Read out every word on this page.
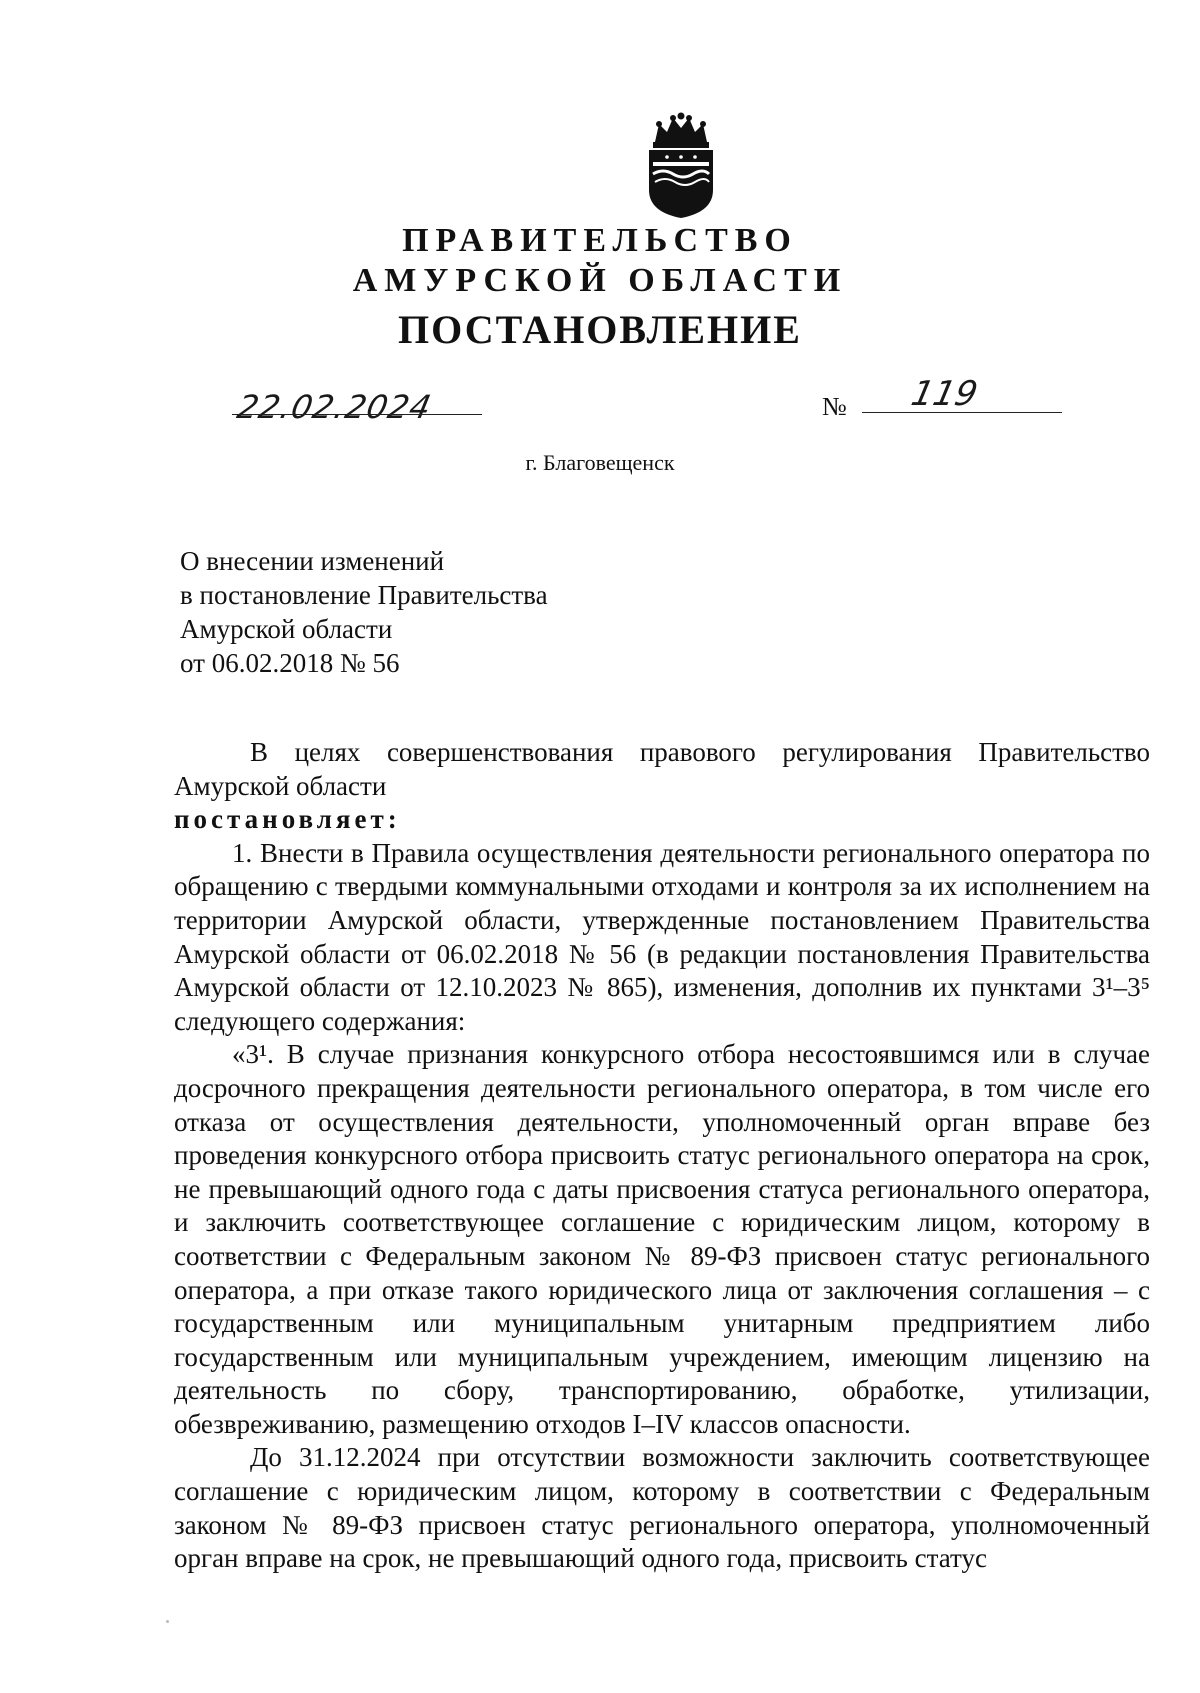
ПРАВИТЕЛЬСТВО
АМУРСКОЙ ОБЛАСТИ
ПОСТАНОВЛЕНИЕ
22.02.2024	№ 119
г. Благовещенск
О внесении изменений
в постановление Правительства
Амурской области
от 06.02.2018 № 56

В целях совершенствования правового регулирования Правительство Амурской области

постановляет:

1. Внести в Правила осуществления деятельности регионального оператора по обращению с твердыми коммунальными отходами и контроля за их исполнением на территории Амурской области, утвержденные постановлением Правительства Амурской области от 06.02.2018 № 56 (в редакции постановления Правительства Амурской области от 12.10.2023 № 865), изменения, дополнив их пунктами 3¹–3⁵ следующего содержания:

«3¹. В случае признания конкурсного отбора несостоявшимся или в случае досрочного прекращения деятельности регионального оператора, в том числе его отказа от осуществления деятельности, уполномоченный орган вправе без проведения конкурсного отбора присвоить статус регионального оператора на срок, не превышающий одного года с даты присвоения статуса регионального оператора, и заключить соответствующее соглашение с юридическим лицом, которому в соответствии с Федеральным законом № 89-ФЗ присвоен статус регионального оператора, а при отказе такого юридического лица от заключения соглашения – с государственным или муниципальным унитарным предприятием либо государственным или муниципальным учреждением, имеющим лицензию на деятельность по сбору, транспортированию, обработке, утилизации, обезвреживанию, размещению отходов I–IV классов опасности.

До 31.12.2024 при отсутствии возможности заключить соответствующее соглашение с юридическим лицом, которому в соответствии с Федеральным законом № 89-ФЗ присвоен статус регионального оператора, уполномоченный орган вправе на срок, не превышающий одного года, присвоить статус
